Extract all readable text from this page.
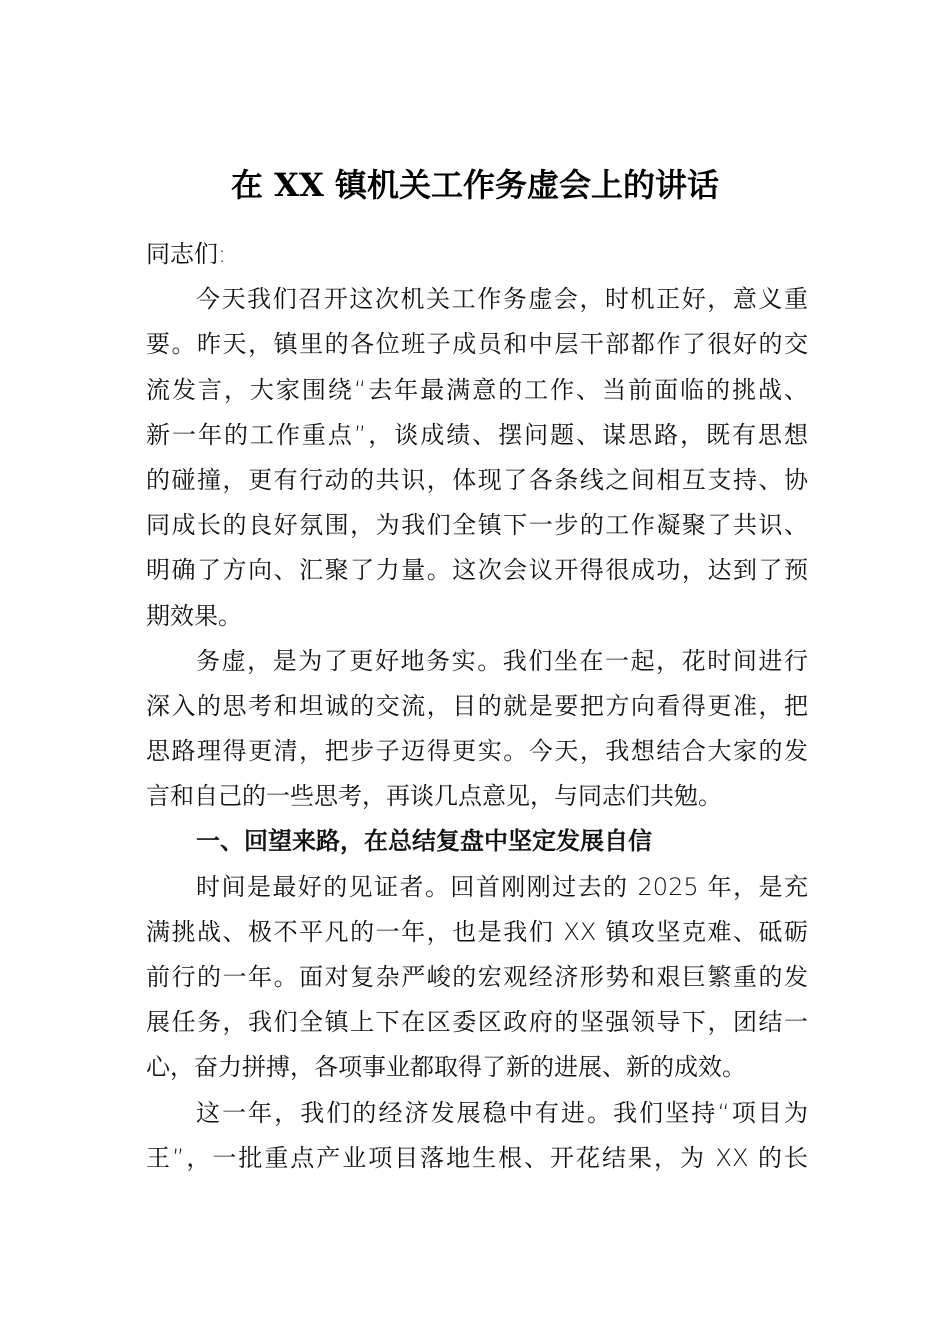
在 XX 镇机关工作务虚会上的讲话
同志们:
今天我们召开这次机关工作务虚会，时机正好，意义重
要。昨天，镇里的各位班子成员和中层干部都作了很好的交
流发言，大家围绕“去年最满意的工作、当前面临的挑战、
新一年的工作重点”，谈成绩、摆问题、谋思路，既有思想
的碰撞，更有行动的共识，体现了各条线之间相互支持、协
同成长的良好氛围，为我们全镇下一步的工作凝聚了共识、
明确了方向、汇聚了力量。这次会议开得很成功，达到了预
期效果。
务虚，是为了更好地务实。我们坐在一起，花时间进行
深入的思考和坦诚的交流，目的就是要把方向看得更准，把
思路理得更清，把步子迈得更实。今天，我想结合大家的发
言和自己的一些思考，再谈几点意见，与同志们共勉。
一、回望来路，在总结复盘中坚定发展自信
时间是最好的见证者。回首刚刚过去的 2025 年，是充
满挑战、极不平凡的一年，也是我们 XX 镇攻坚克难、砥砺
前行的一年。面对复杂严峻的宏观经济形势和艰巨繁重的发
展任务，我们全镇上下在区委区政府的坚强领导下，团结一
心，奋力拼搏，各项事业都取得了新的进展、新的成效。
这一年，我们的经济发展稳中有进。我们坚持“项目为
王”，一批重点产业项目落地生根、开花结果，为 XX 的长
